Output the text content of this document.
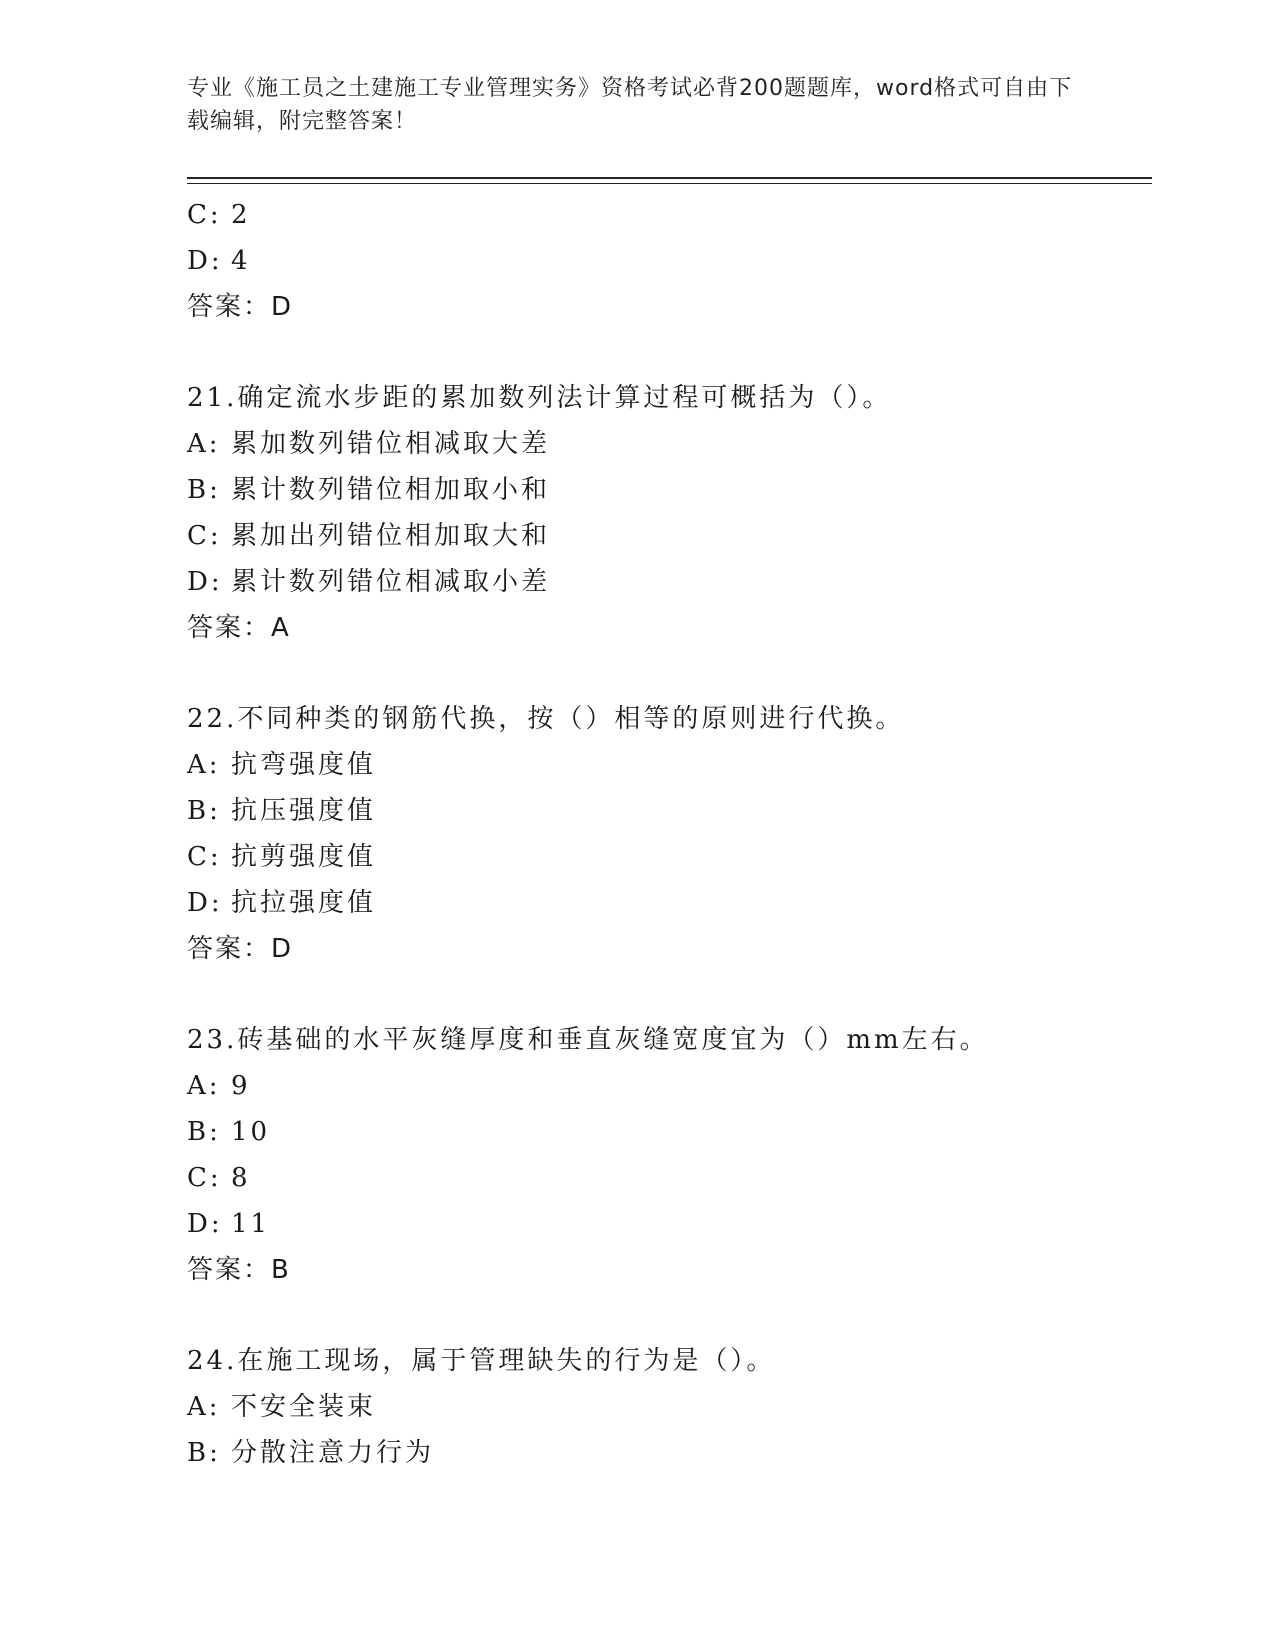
专业《施工员之土建施工专业管理实务》资格考试必背200题题库，word格式可自由下载编辑，附完整答案！
C: 2
D: 4
答案：D
21.确定流水步距的累加数列法计算过程可概括为（）。
A: 累加数列错位相减取大差
B: 累计数列错位相加取小和
C: 累加出列错位相加取大和
D: 累计数列错位相减取小差
答案：A
22.不同种类的钢筋代换，按（）相等的原则进行代换。
A: 抗弯强度值
B: 抗压强度值
C: 抗剪强度值
D: 抗拉强度值
答案：D
23.砖基础的水平灰缝厚度和垂直灰缝宽度宜为（）mm左右。
A: 9
B: 10
C: 8
D: 11
答案：B
24.在施工现场，属于管理缺失的行为是（）。
A: 不安全装束
B: 分散注意力行为
